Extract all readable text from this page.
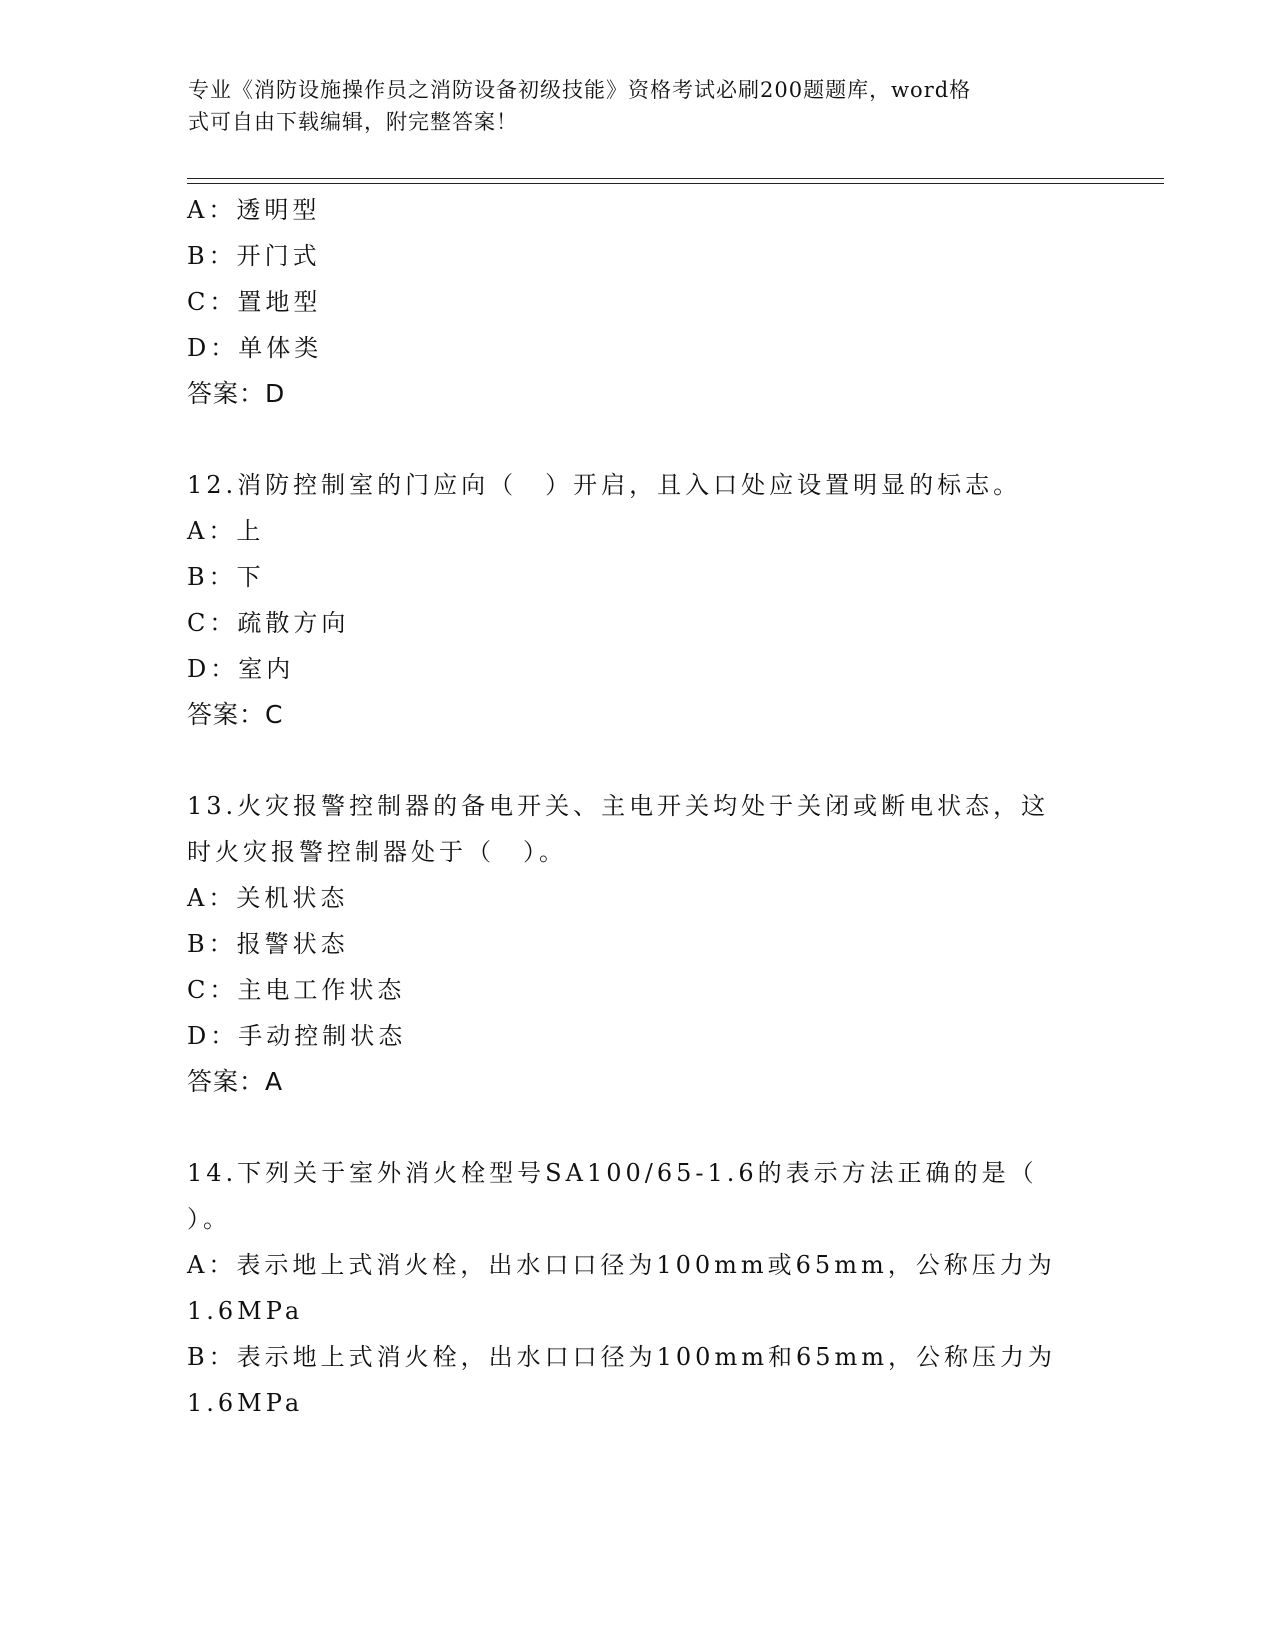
专业《消防设施操作员之消防设备初级技能》资格考试必刷200题题库，word格
式可自由下载编辑，附完整答案！
A：透明型
B：开门式
C：置地型
D：单体类
答案：D
12.消防控制室的门应向（　）开启，且入口处应设置明显的标志。
A：上
B：下
C：疏散方向
D：室内
答案：C
13.火灾报警控制器的备电开关、主电开关均处于关闭或断电状态，这
时火灾报警控制器处于（　）。
A：关机状态
B：报警状态
C：主电工作状态
D：手动控制状态
答案：A
14.下列关于室外消火栓型号SA100/65-1.6的表示方法正确的是（
）。
A：表示地上式消火栓，出水口口径为100mm或65mm，公称压力为
1.6MPa
B：表示地上式消火栓，出水口口径为100mm和65mm，公称压力为
1.6MPa
